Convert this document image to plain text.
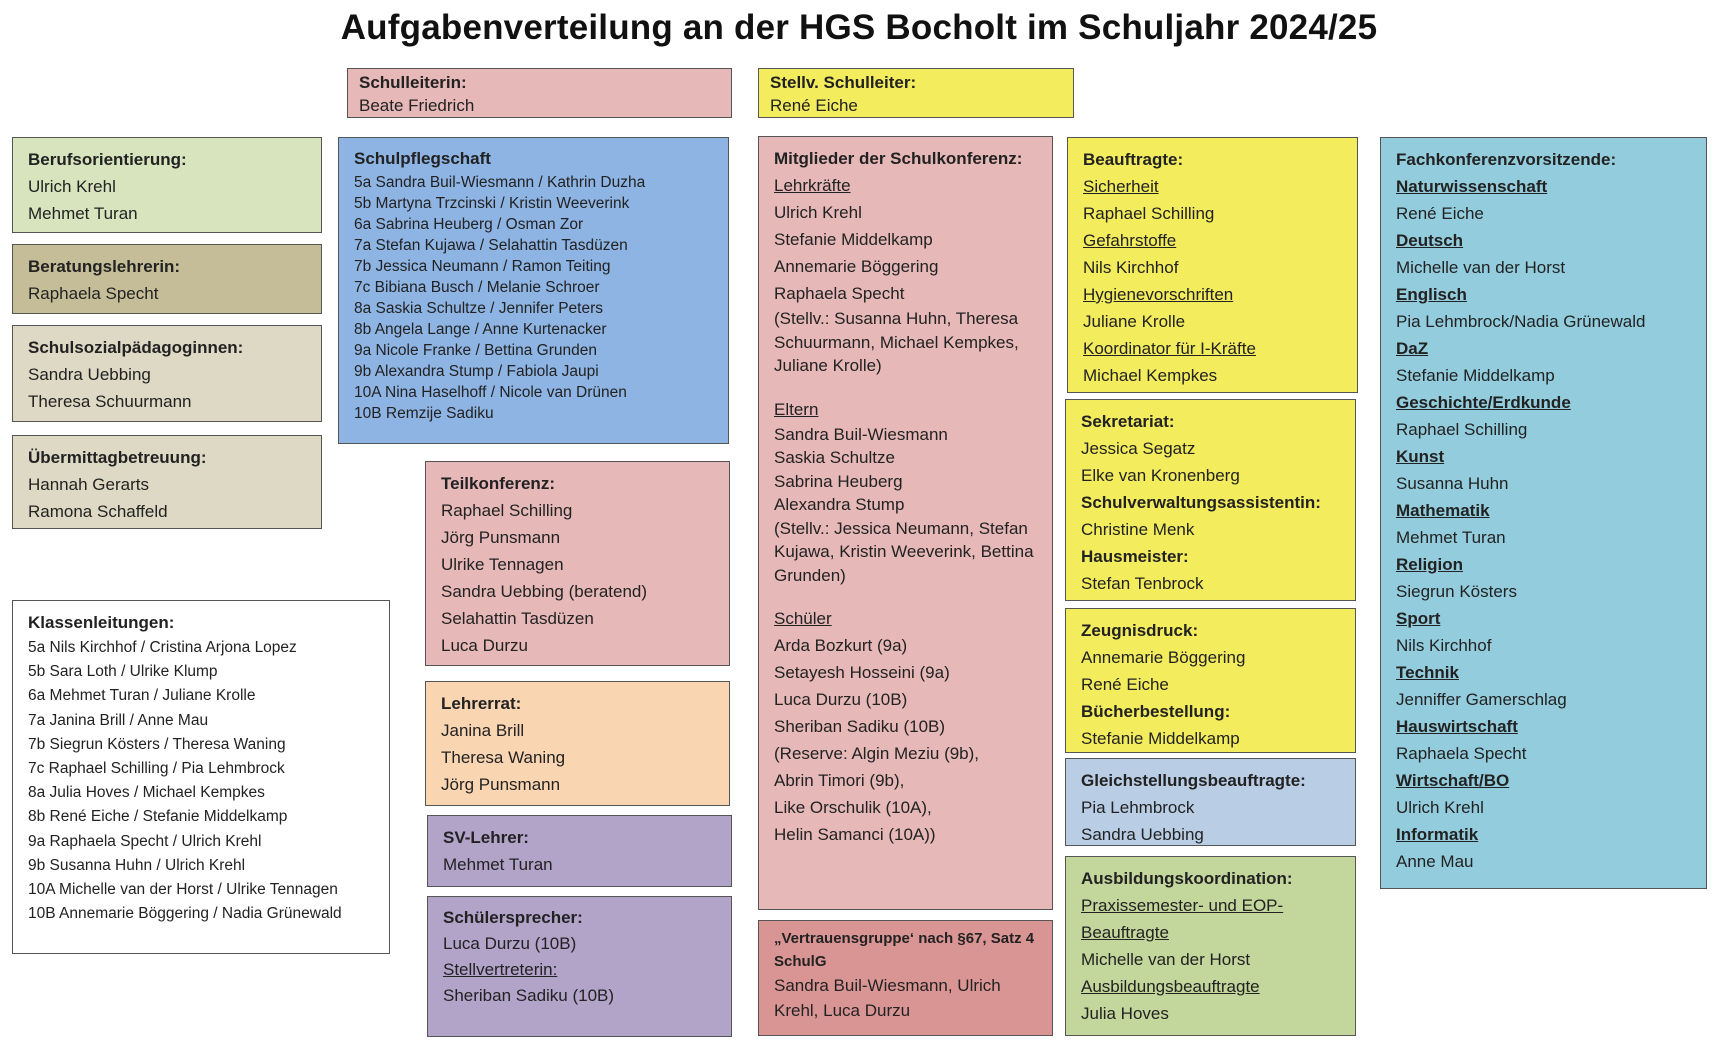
Aufgabenverteilung an der HGS Bocholt im Schuljahr 2024/25
Schulleiterin:
Beate Friedrich
Stellv. Schulleiter:
René Eiche
Berufsorientierung:
Ulrich Krehl
Mehmet Turan
Beratungslehrerin:
Raphaela Specht
Schulsozialpädagoginnen:
Sandra Uebbing
Theresa Schuurmann
Übermittagbetreuung:
Hannah Gerarts
Ramona Schaffeld
Klassenleitungen:
5a Nils Kirchhof / Cristina Arjona Lopez
5b Sara Loth / Ulrike Klump
6a Mehmet Turan / Juliane Krolle
7a Janina Brill / Anne Mau
7b Siegrun Kösters / Theresa Waning
7c Raphael Schilling / Pia Lehmbrock
8a Julia Hoves / Michael Kempkes
8b René Eiche / Stefanie Middelkamp
9a Raphaela Specht / Ulrich Krehl
9b Susanna Huhn / Ulrich Krehl
10A Michelle van der Horst / Ulrike Tennagen
10B Annemarie Böggering / Nadia Grünewald
Schulpflegschaft
5a Sandra Buil-Wiesmann / Kathrin Duzha
5b Martyna Trzcinski / Kristin Weeverink
6a Sabrina Heuberg / Osman Zor
7a Stefan Kujawa / Selahattin Tasdüzen
7b Jessica Neumann / Ramon Teiting
7c Bibiana Busch / Melanie Schroer
8a Saskia Schultze / Jennifer Peters
8b Angela Lange / Anne Kurtenacker
9a Nicole Franke / Bettina Grunden
9b Alexandra Stump / Fabiola Jaupi
10A Nina Haselhoff / Nicole van Drünen
10B Remzije Sadiku
Teilkonferenz:
Raphael Schilling
Jörg Punsmann
Ulrike Tennagen
Sandra Uebbing (beratend)
Selahattin Tasdüzen
Luca Durzu
Lehrerrat:
Janina Brill
Theresa Waning
Jörg Punsmann
SV-Lehrer:
Mehmet Turan
Schülersprecher:
Luca Durzu (10B)
Stellvertreterin:
Sheriban Sadiku (10B)
Mitglieder der Schulkonferenz:
Lehrkräfte
Ulrich Krehl
Stefanie Middelkamp
Annemarie Böggering
Raphaela Specht
(Stellv.: Susanna Huhn, Theresa Schuurmann, Michael Kempkes, Juliane Krolle)
Eltern
Sandra Buil-Wiesmann
Saskia Schultze
Sabrina Heuberg
Alexandra Stump
(Stellv.: Jessica Neumann, Stefan Kujawa, Kristin Weeverink, Bettina Grunden)
Schüler
Arda Bozkurt (9a)
Setayesh Hosseini (9a)
Luca Durzu (10B)
Sheriban Sadiku (10B)
(Reserve: Algin Meziu (9b),
Abrin Timori (9b),
Like Orschulik (10A),
Helin Samanci (10A))
„Vertrauensgruppe‘ nach §67, Satz 4 SchulG
Sandra Buil-Wiesmann, Ulrich Krehl, Luca Durzu
Beauftragte:
Sicherheit
Raphael Schilling
Gefahrstoffe
Nils Kirchhof
Hygienevorschriften
Juliane Krolle
Koordinator für I-Kräfte
Michael Kempkes
Sekretariat:
Jessica Segatz
Elke van Kronenberg
Schulverwaltungsassistentin:
Christine Menk
Hausmeister:
Stefan Tenbrock
Zeugnisdruck:
Annemarie Böggering
René Eiche
Bücherbestellung:
Stefanie Middelkamp
Gleichstellungsbeauftragte:
Pia Lehmbrock
Sandra Uebbing
Ausbildungskoordination:
Praxissemester- und EOP-Beauftragte
Michelle van der Horst
Ausbildungsbeauftragte
Julia Hoves
Fachkonferenzvorsitzende:
Naturwissenschaft
René Eiche
Deutsch
Michelle van der Horst
Englisch
Pia Lehmbrock/Nadia Grünewald
DaZ
Stefanie Middelkamp
Geschichte/Erdkunde
Raphael Schilling
Kunst
Susanna Huhn
Mathematik
Mehmet Turan
Religion
Siegrun Kösters
Sport
Nils Kirchhof
Technik
Jenniffer Gamerschlag
Hauswirtschaft
Raphaela Specht
Wirtschaft/BO
Ulrich Krehl
Informatik
Anne Mau
